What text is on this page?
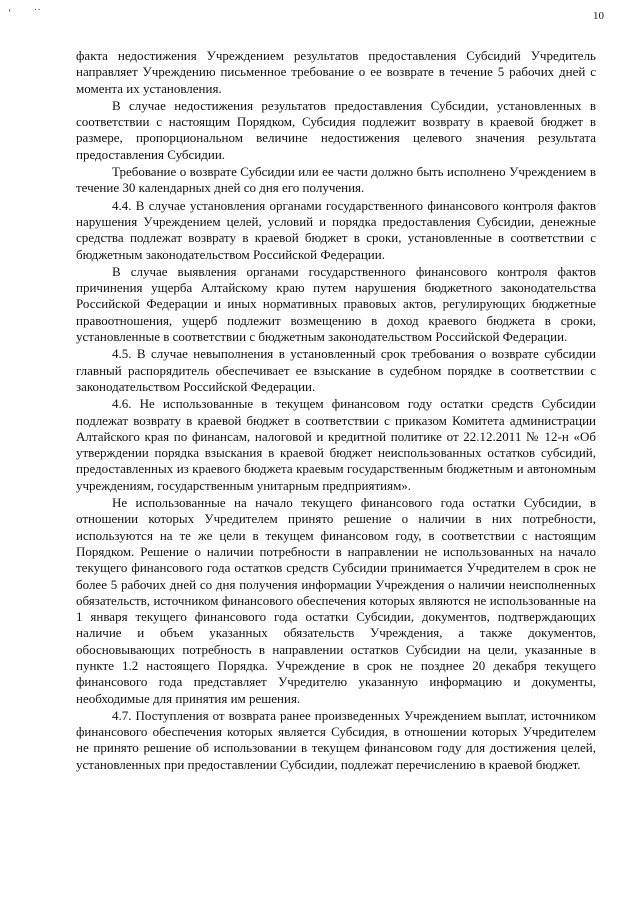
ʻ ˙˙	10

факта недостижения Учреждением результатов предоставления Субсидий Учредитель направляет Учреждению письменное требование о ее возврате в течение 5 рабочих дней с момента их установления.

В случае недостижения результатов предоставления Субсидии, установленных в соответствии с настоящим Порядком, Субсидия подлежит возврату в краевой бюджет в размере, пропорциональном величине недостижения целевого значения результата предоставления Субсидии.

Требование о возврате Субсидии или ее части должно быть исполнено Учреждением в течение 30 календарных дней со дня его получения.

4.4. В случае установления органами государственного финансового контроля фактов нарушения Учреждением целей, условий и порядка предоставления Субсидии, денежные средства подлежат возврату в краевой бюджет в сроки, установленные в соответствии с бюджетным законодательством Российской Федерации.

В случае выявления органами государственного финансового контроля фактов причинения ущерба Алтайскому краю путем нарушения бюджетного законодательства Российской Федерации и иных нормативных правовых актов, регулирующих бюджетные правоотношения, ущерб подлежит возмещению в доход краевого бюджета в сроки, установленные в соответствии с бюджетным законодательством Российской Федерации.

4.5. В случае невыполнения в установленный срок требования о возврате субсидии главный распорядитель обеспечивает ее взыскание в судебном порядке в соответствии с законодательством Российской Федерации.

4.6. Не использованные в текущем финансовом году остатки средств Субсидии подлежат возврату в краевой бюджет в соответствии с приказом Комитета администрации Алтайского края по финансам, налоговой и кредитной политике от 22.12.2011 № 12-н «Об утверждении порядка взыскания в краевой бюджет неиспользованных остатков субсидий, предоставленных из краевого бюджета краевым государственным бюджетным и автономным учреждениям, государственным унитарным предприятиям».

Не использованные на начало текущего финансового года остатки Субсидии, в отношении которых Учредителем принято решение о наличии в них потребности, используются на те же цели в текущем финансовом году, в соответствии с настоящим Порядком. Решение о наличии потребности в направлении не использованных на начало текущего финансового года остатков средств Субсидии принимается Учредителем в срок не более 5 рабочих дней со дня получения информации Учреждения о наличии неисполненных обязательств, источником финансового обеспечения которых являются не использованные на 1 января текущего финансового года остатки Субсидии, документов, подтверждающих наличие и объем указанных обязательств Учреждения, а также документов, обосновывающих потребность в направлении остатков Субсидии на цели, указанные в пункте 1.2 настоящего Порядка. Учреждение в срок не позднее 20 декабря текущего финансового года представляет Учредителю указанную информацию и документы, необходимые для принятия им решения.

4.7. Поступления от возврата ранее произведенных Учреждением выплат, источником финансового обеспечения которых является Субсидия, в отношении которых Учредителем не принято решение об использовании в текущем финансовом году для достижения целей, установленных при предоставлении Субсидии, подлежат перечислению в краевой бюджет.
